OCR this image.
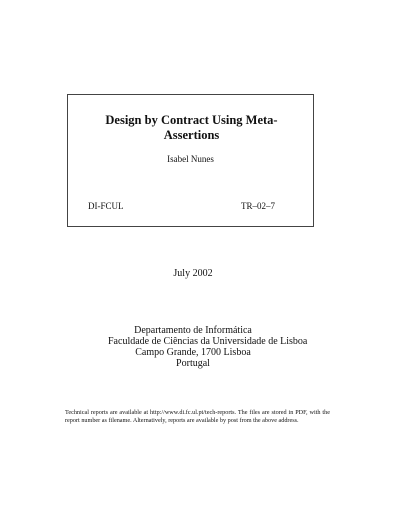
Design by Contract Using Meta-Assertions
Isabel Nunes
DI-FCUL	TR–02–7
July 2002
Departamento de Informática
Faculdade de Ciências da Universidade de Lisboa
Campo Grande, 1700 Lisboa
Portugal
Technical reports are available at http://www.di.fc.ul.pt/tech-reports. The files are stored in PDF, with the report number as filename. Alternatively, reports are available by post from the above address.
